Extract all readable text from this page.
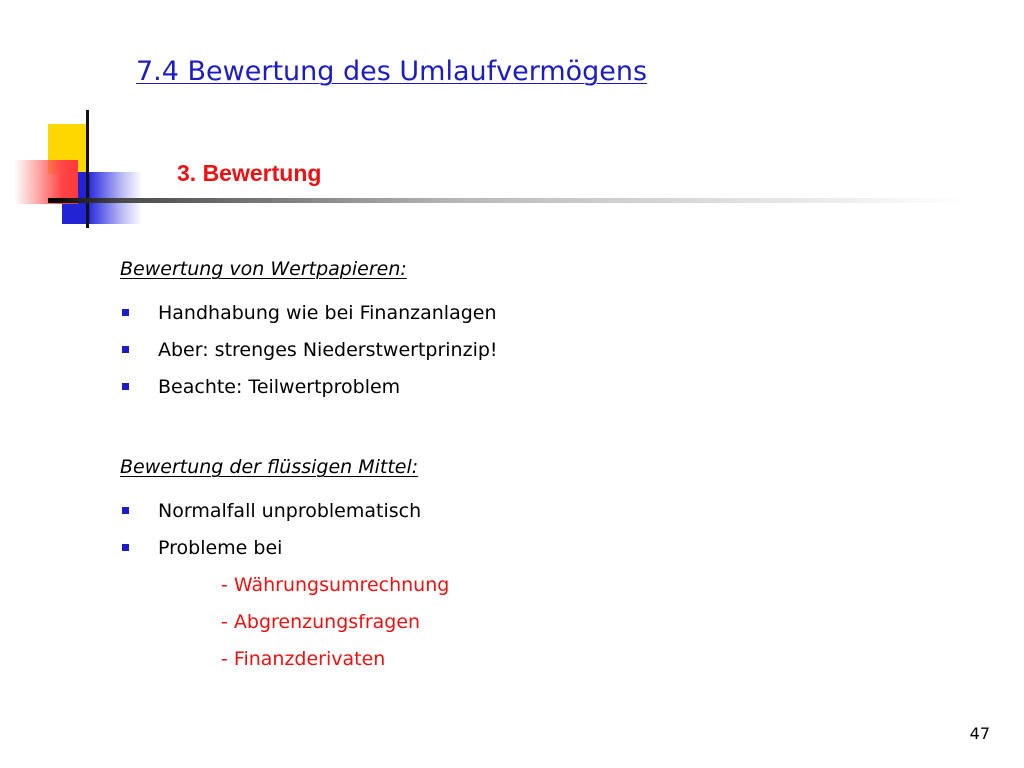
7.4 Bewertung des Umlaufvermögens
3. Bewertung
Bewertung von Wertpapieren:
Handhabung wie bei Finanzanlagen
Aber: strenges Niederstwertprinzip!
Beachte: Teilwertproblem
Bewertung der flüssigen Mittel:
Normalfall unproblematisch
Probleme bei
- Währungsumrechnung
- Abgrenzungsfragen
- Finanzderivaten
47
